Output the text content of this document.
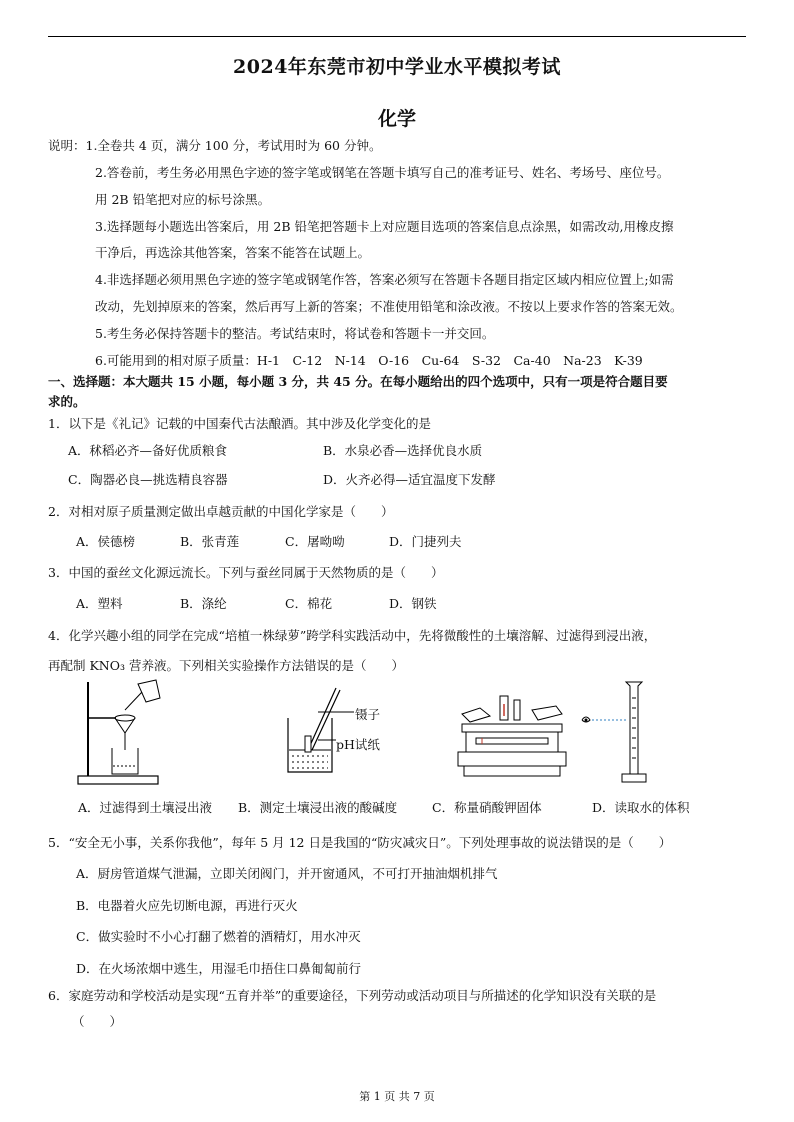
2024年东莞市初中学业水平模拟考试
化学
说明：1.全卷共 4 页，满分 100 分，考试用时为 60 分钟。
2.答卷前，考生务必用黑色字迹的签字笔或钢笔在答题卡填写自己的准考证号、姓名、考场号、座位号。
用 2B 铅笔把对应的标号涂黑。
3.选择题每小题选出答案后，用 2B 铅笔把答题卡上对应题目选项的答案信息点涂黑，如需改动,用橡皮擦
干净后，再选涂其他答案，答案不能答在试题上。
4.非选择题必须用黑色字迹的签字笔或钢笔作答，答案必须写在答题卡各题目指定区域内相应位置上;如需
改动，先划掉原来的答案，然后再写上新的答案；不准使用铅笔和涂改液。不按以上要求作答的答案无效。
5.考生务必保持答题卡的整洁。考试结束时，将试卷和答题卡一并交回。
6.可能用到的相对原子质量：H-1　C-12　N-14　O-16　Cu-64　S-32　Ca-40　Na-23　K-39
一、选择题：本大题共 15 小题，每小题 3 分，共 45 分。在每小题给出的四个选项中，只有一项是符合题目要
求的。
1．以下是《礼记》记载的中国秦代古法酿酒。其中涉及化学变化的是
A．秫稻必齐—备好优质粮食	B．水泉必香—选择优良水质
C．陶器必良—挑选精良容器	D．火齐必得—适宜温度下发酵
2．对相对原子质量测定做出卓越贡献的中国化学家是（　　）
A．侯德榜	B．张青莲	C．屠呦呦	D．门捷列夫
3．中国的蚕丝文化源远流长。下列与蚕丝同属于天然物质的是（　　）
A．塑料	B．涤纶	C．棉花	D．钢铁
4．化学兴趣小组的同学在完成“培植一株绿萝”跨学科实践活动中，先将微酸性的土壤溶解、过滤得到浸出液，
再配制 KNO₃ 营养液。下列相关实验操作方法错误的是（　　）
镊子
pH试纸
A．过滤得到土壤浸出液 B．测定土壤浸出液的酸碱度	C．称量硝酸钾固体	D．读取水的体积
5．“安全无小事，关系你我他”，每年 5 月 12 日是我国的“防灾减灾日”。下列处理事故的说法错误的是（　　）
A．厨房管道煤气泄漏，立即关闭阀门，并开窗通风，不可打开抽油烟机排气
B．电器着火应先切断电源，再进行灭火
C．做实验时不小心打翻了燃着的酒精灯，用水冲灭
D．在火场浓烟中逃生，用湿毛巾捂住口鼻匍匐前行
6．家庭劳动和学校活动是实现“五育并举”的重要途径，下列劳动或活动项目与所描述的化学知识没有关联的是
（　　）
第 1 页 共 7 页
